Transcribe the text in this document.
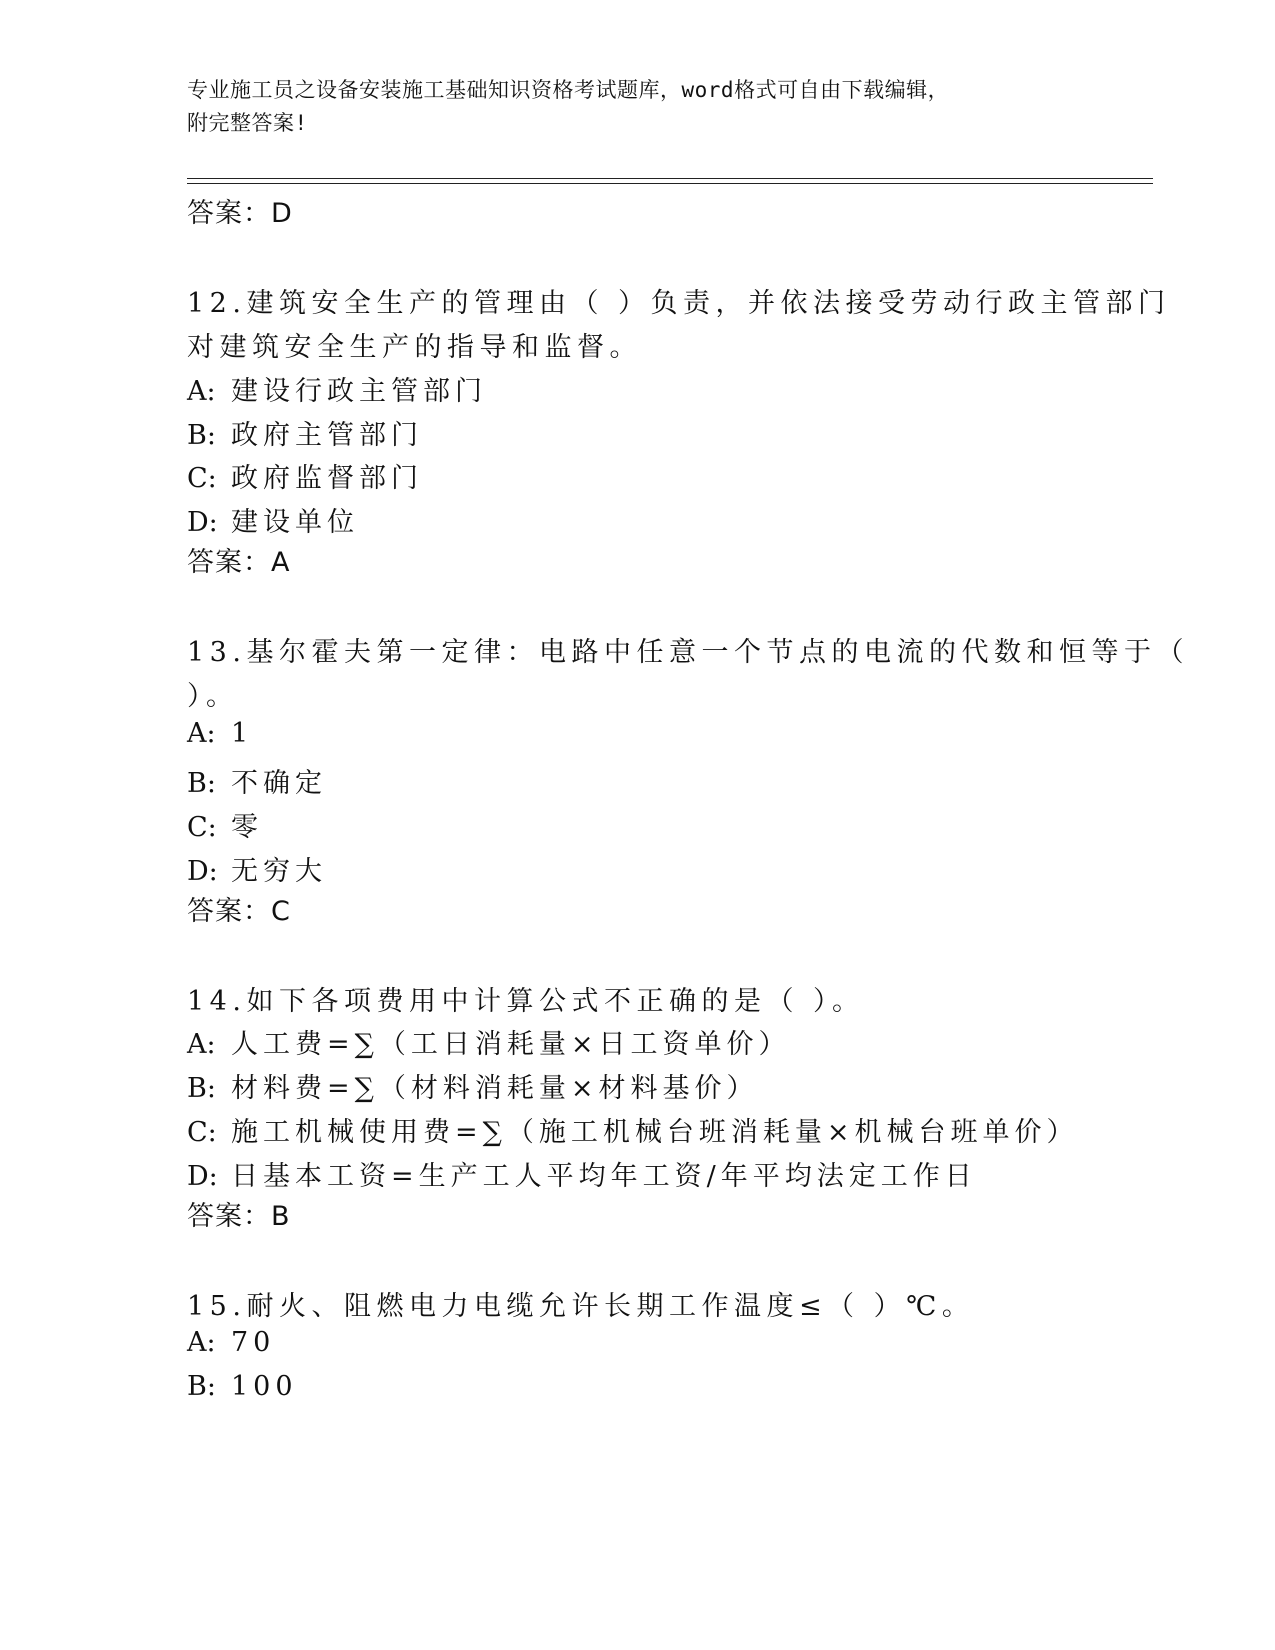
专业施工员之设备安装施工基础知识资格考试题库，word格式可自由下载编辑，
附完整答案!
答案：D
12.建筑安全生产的管理由（ ）负责，并依法接受劳动行政主管部门
对建筑安全生产的指导和监督。
A: 建设行政主管部门
B: 政府主管部门
C: 政府监督部门
D: 建设单位
答案：A
13.基尔霍夫第一定律：电路中任意一个节点的电流的代数和恒等于（
）。
A: 1
B: 不确定
C: 零
D: 无穷大
答案：C
14.如下各项费用中计算公式不正确的是（ ）。
A: 人工费=∑（工日消耗量×日工资单价）
B: 材料费=∑（材料消耗量×材料基价）
C: 施工机械使用费=∑（施工机械台班消耗量×机械台班单价）
D: 日基本工资=生产工人平均年工资/年平均法定工作日
答案：B
15.耐火、阻燃电力电缆允许长期工作温度≤（ ）℃。
A: 70
B: 100
